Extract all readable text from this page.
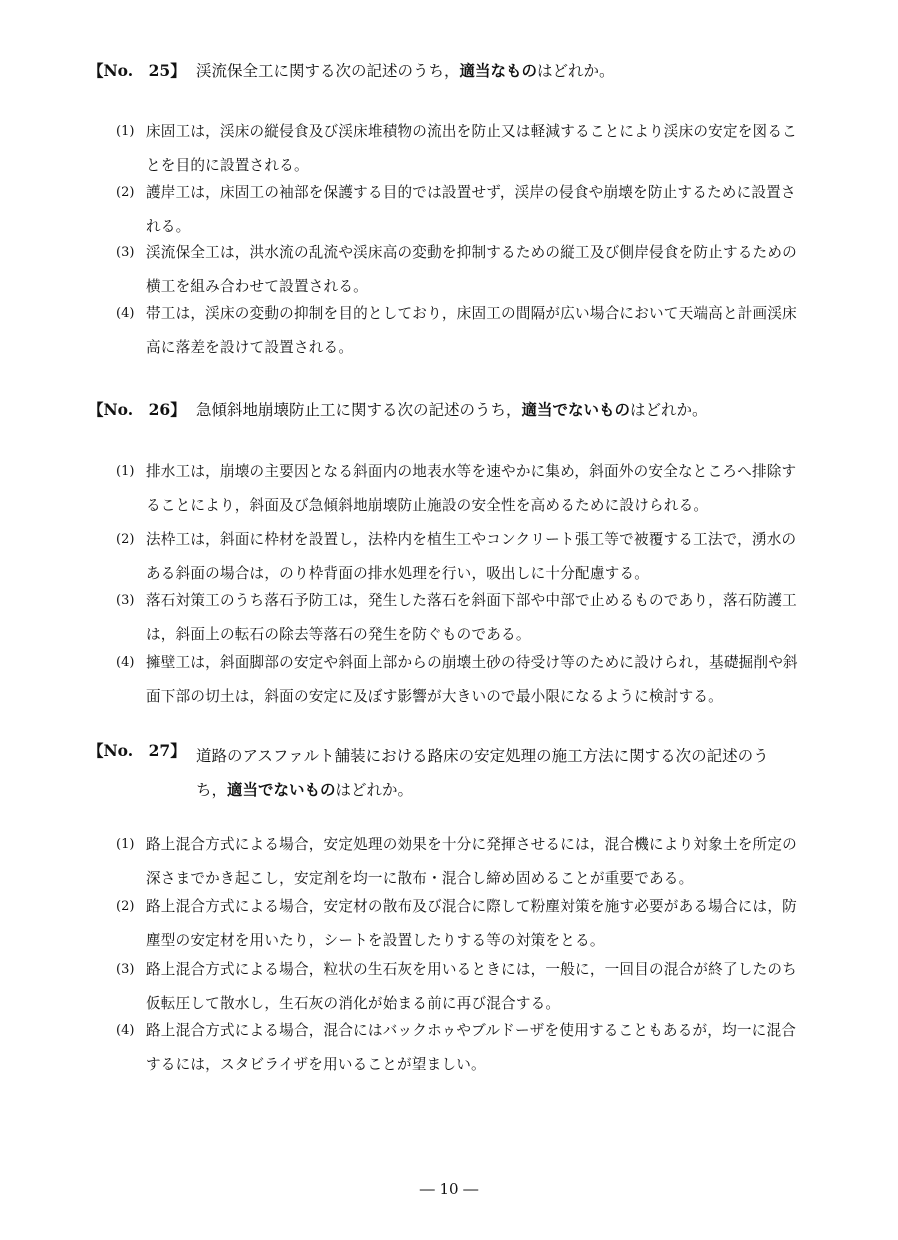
【No.　25】 渓流保全工に関する次の記述のうち，適当なものはどれか。
(1) 床固工は，渓床の縦侵食及び渓床堆積物の流出を防止又は軽減することにより渓床の安定を図ることを目的に設置される。
(2) 護岸工は，床固工の袖部を保護する目的では設置せず，渓岸の侵食や崩壊を防止するために設置される。
(3) 渓流保全工は，洪水流の乱流や渓床高の変動を抑制するための縦工及び側岸侵食を防止するための横工を組み合わせて設置される。
(4) 帯工は，渓床の変動の抑制を目的としており，床固工の間隔が広い場合において天端高と計画渓床高に落差を設けて設置される。
【No.　26】 急傾斜地崩壊防止工に関する次の記述のうち，適当でないものはどれか。
(1) 排水工は，崩壊の主要因となる斜面内の地表水等を速やかに集め，斜面外の安全なところへ排除することにより，斜面及び急傾斜地崩壊防止施設の安全性を高めるために設けられる。
(2) 法枠工は，斜面に枠材を設置し，法枠内を植生工やコンクリート張工等で被覆する工法で，湧水のある斜面の場合は，のり枠背面の排水処理を行い，吸出しに十分配慮する。
(3) 落石対策工のうち落石予防工は，発生した落石を斜面下部や中部で止めるものであり，落石防護工は，斜面上の転石の除去等落石の発生を防ぐものである。
(4) 擁壁工は，斜面脚部の安定や斜面上部からの崩壊土砂の待受け等のために設けられ，基礎掘削や斜面下部の切土は，斜面の安定に及ぼす影響が大きいので最小限になるように検討する。
【No.　27】 道路のアスファルト舗装における路床の安定処理の施工方法に関する次の記述のうち，適当でないものはどれか。
(1) 路上混合方式による場合，安定処理の効果を十分に発揮させるには，混合機により対象土を所定の深さまでかき起こし，安定剤を均一に散布・混合し締め固めることが重要である。
(2) 路上混合方式による場合，安定材の散布及び混合に際して粉塵対策を施す必要がある場合には，防塵型の安定材を用いたり，シートを設置したりする等の対策をとる。
(3) 路上混合方式による場合，粒状の生石灰を用いるときには，一般に，一回目の混合が終了したのち仮転圧して散水し，生石灰の消化が始まる前に再び混合する。
(4) 路上混合方式による場合，混合にはバックホゥやブルドーザを使用することもあるが，均一に混合するには，スタビライザを用いることが望ましい。
― 10 ―
